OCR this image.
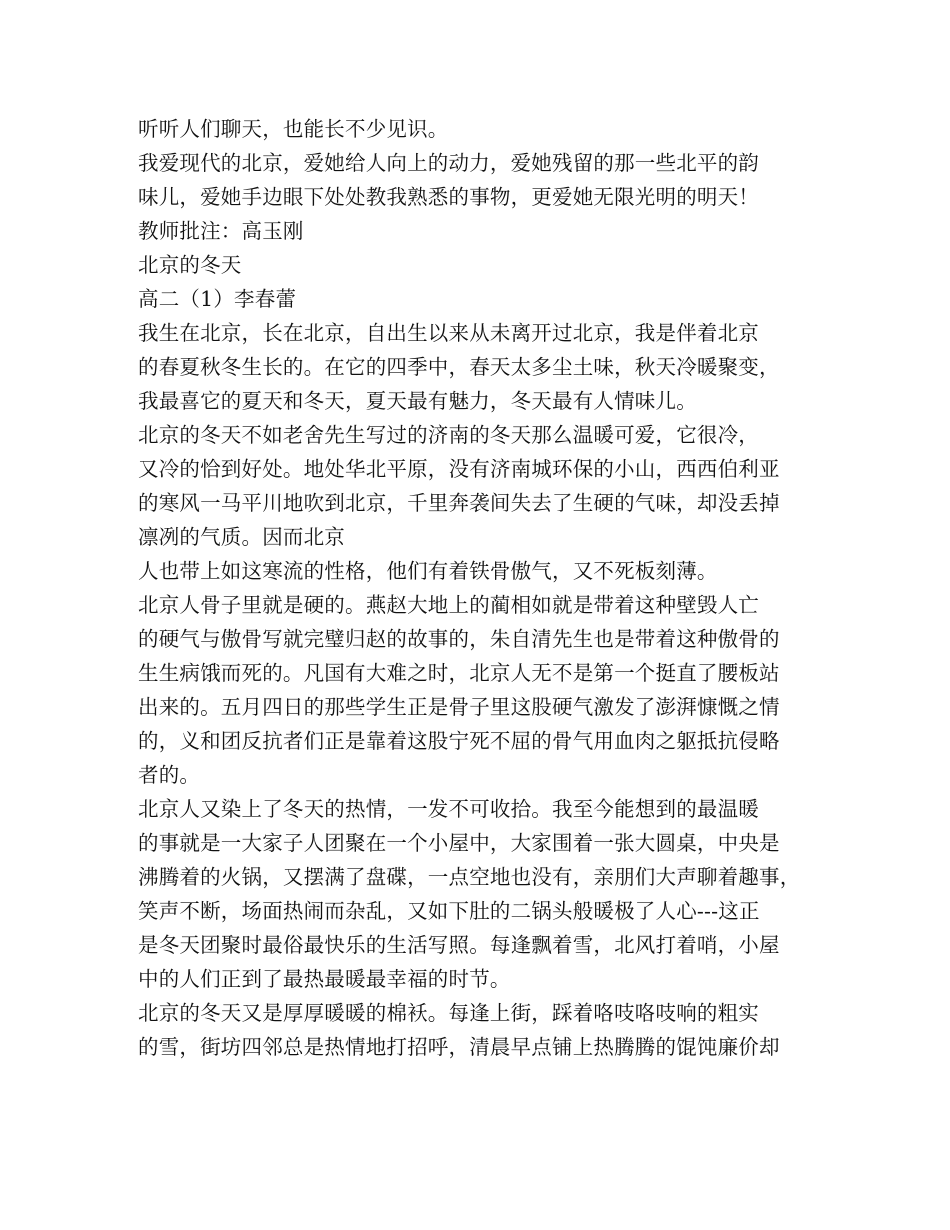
听听人们聊天，也能长不少见识。
我爱现代的北京，爱她给人向上的动力，爱她残留的那一些北平的韵
味儿，爱她手边眼下处处教我熟悉的事物，更爱她无限光明的明天！
教师批注：高玉刚
北京的冬天
高二（1）李春蕾
我生在北京，长在北京，自出生以来从未离开过北京，我是伴着北京
的春夏秋冬生长的。在它的四季中，春天太多尘土味，秋天冷暖聚变，
我最喜它的夏天和冬天，夏天最有魅力，冬天最有人情味儿。
北京的冬天不如老舍先生写过的济南的冬天那么温暖可爱，它很冷，
又冷的恰到好处。地处华北平原，没有济南城环保的小山，西西伯利亚
的寒风一马平川地吹到北京，千里奔袭间失去了生硬的气味，却没丢掉
凛冽的气质。因而北京
人也带上如这寒流的性格，他们有着铁骨傲气，又不死板刻薄。
北京人骨子里就是硬的。燕赵大地上的蔺相如就是带着这种壁毁人亡
的硬气与傲骨写就完璧归赵的故事的，朱自清先生也是带着这种傲骨的
生生病饿而死的。凡国有大难之时，北京人无不是第一个挺直了腰板站
出来的。五月四日的那些学生正是骨子里这股硬气激发了澎湃慷慨之情
的，义和团反抗者们正是靠着这股宁死不屈的骨气用血肉之躯抵抗侵略
者的。
北京人又染上了冬天的热情，一发不可收拾。我至今能想到的最温暖
的事就是一大家子人团聚在一个小屋中，大家围着一张大圆桌，中央是
沸腾着的火锅，又摆满了盘碟，一点空地也没有，亲朋们大声聊着趣事，
笑声不断，场面热闹而杂乱，又如下肚的二锅头般暖极了人心---这正
是冬天团聚时最俗最快乐的生活写照。每逢飘着雪，北风打着哨，小屋
中的人们正到了最热最暖最幸福的时节。
北京的冬天又是厚厚暖暖的棉袄。每逢上街，踩着咯吱咯吱响的粗实
的雪，街坊四邻总是热情地打招呼，清晨早点铺上热腾腾的馄饨廉价却
